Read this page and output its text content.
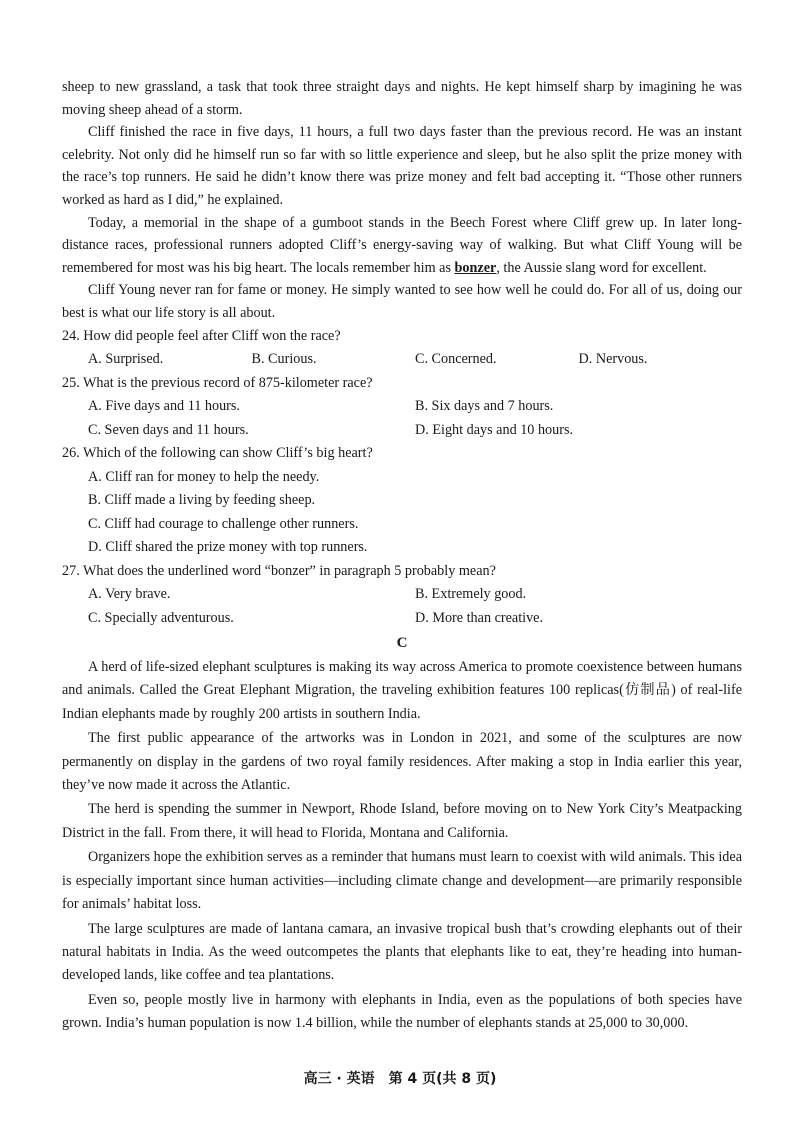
sheep to new grassland, a task that took three straight days and nights. He kept himself sharp by imagining he was moving sheep ahead of a storm.

Cliff finished the race in five days, 11 hours, a full two days faster than the previous record. He was an instant celebrity. Not only did he himself run so far with so little experience and sleep, but he also split the prize money with the race’s top runners. He said he didn’t know there was prize money and felt bad accepting it. “Those other runners worked as hard as I did,” he explained.

Today, a memorial in the shape of a gumboot stands in the Beech Forest where Cliff grew up. In later long-distance races, professional runners adopted Cliff’s energy-saving way of walking. But what Cliff Young will be remembered for most was his big heart. The locals remember him as bonzer, the Aussie slang word for excellent.

Cliff Young never ran for fame or money. He simply wanted to see how well he could do. For all of us, doing our best is what our life story is all about.

24. How did people feel after Cliff won the race?

A. Surprised.	B. Curious.	C. Concerned.	D. Nervous.

25. What is the previous record of 875-kilometer race?

A. Five days and 11 hours.	B. Six days and 7 hours.
C. Seven days and 11 hours.	D. Eight days and 10 hours.

26. Which of the following can show Cliff’s big heart?

A. Cliff ran for money to help the needy.
B. Cliff made a living by feeding sheep.
C. Cliff had courage to challenge other runners.
D. Cliff shared the prize money with top runners.

27. What does the underlined word “bonzer” in paragraph 5 probably mean?

A. Very brave.	B. Extremely good.
C. Specially adventurous.	D. More than creative.

C

A herd of life-sized elephant sculptures is making its way across America to promote coexistence between humans and animals. Called the Great Elephant Migration, the traveling exhibition features 100 replicas(仿制品) of real-life Indian elephants made by roughly 200 artists in southern India.

The first public appearance of the artworks was in London in 2021, and some of the sculptures are now permanently on display in the gardens of two royal family residences. After making a stop in India earlier this year, they’ve now made it across the Atlantic.

The herd is spending the summer in Newport, Rhode Island, before moving on to New York City’s Meatpacking District in the fall. From there, it will head to Florida, Montana and California.

Organizers hope the exhibition serves as a reminder that humans must learn to coexist with wild animals. This idea is especially important since human activities—including climate change and development—are primarily responsible for animals’ habitat loss.

The large sculptures are made of lantana camara, an invasive tropical bush that’s crowding elephants out of their natural habitats in India. As the weed outcompetes the plants that elephants like to eat, they’re heading into human-developed lands, like coffee and tea plantations.

Even so, people mostly live in harmony with elephants in India, even as the populations of both species have grown. India’s human population is now 1.4 billion, while the number of elephants stands at 25,000 to 30,000.

高三 · 英语　第 4 页(共 8 页)
